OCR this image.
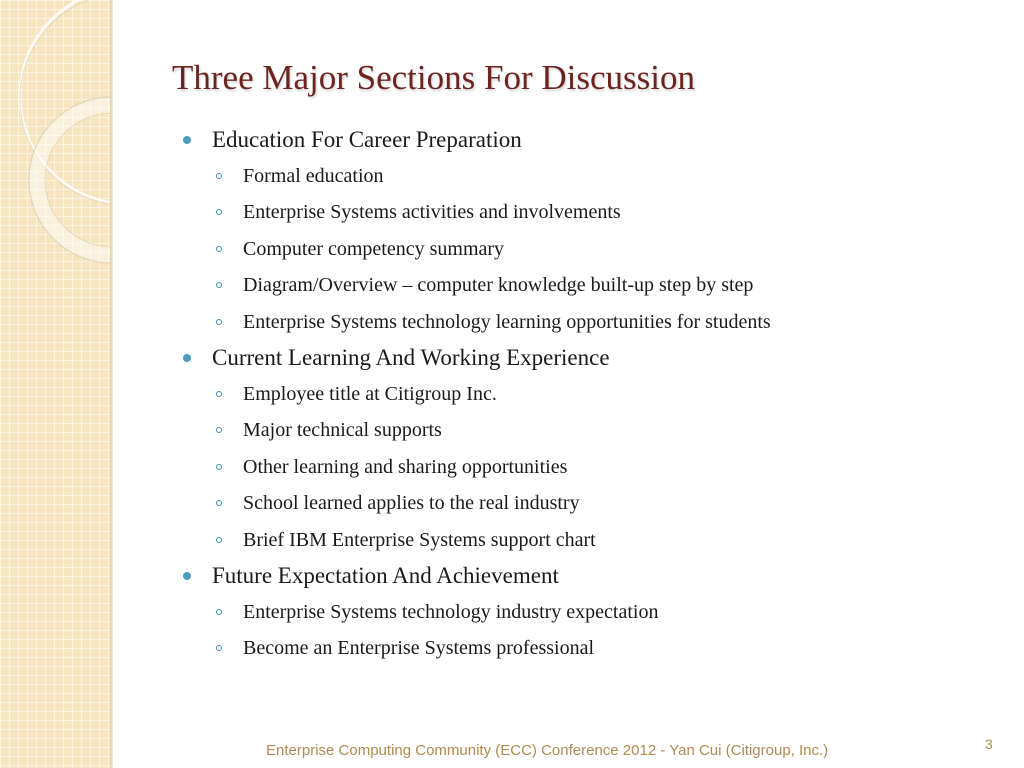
Three Major Sections For Discussion
Education For Career Preparation
Formal education
Enterprise Systems activities and involvements
Computer competency summary
Diagram/Overview – computer knowledge built-up step by step
Enterprise Systems technology learning opportunities for students
Current Learning And Working Experience
Employee title at Citigroup Inc.
Major technical supports
Other learning and sharing opportunities
School learned applies to the real industry
Brief IBM Enterprise Systems support chart
Future Expectation And Achievement
Enterprise Systems technology industry expectation
Become an Enterprise Systems professional
Enterprise Computing Community (ECC) Conference 2012 - Yan Cui (Citigroup, Inc.)	3
